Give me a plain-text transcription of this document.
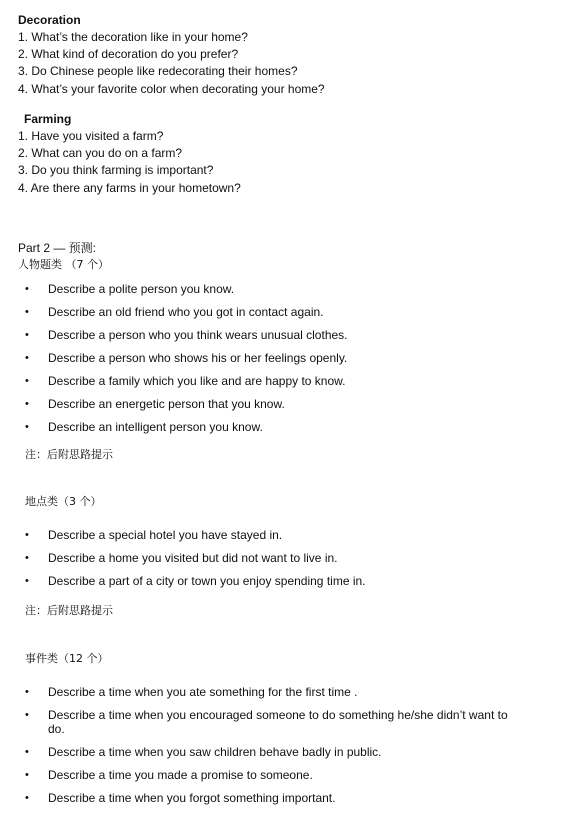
Decoration
1. What’s the decoration like in your home?
2. What kind of decoration do you prefer?
3. Do Chinese people like redecorating their homes?
4. What’s your favorite color when decorating your home?
Farming
1. Have you visited a farm?
2. What can you do on a farm?
3. Do you think farming is important?
4. Are there any farms in your hometown?
Part 2 — 预测:
人物题类 （7 个）
• Describe a polite person you know.
• Describe an old friend who you got in contact again.
• Describe a person who you think wears unusual clothes.
• Describe a person who shows his or her feelings openly.
• Describe a family which you like and are happy to know.
• Describe an energetic person that you know.
• Describe an intelligent person you know.
注：后附思路提示
地点类（3 个）
• Describe a special hotel you have stayed in.
• Describe a home you visited but did not want to live in.
• Describe a part of a city or town you enjoy spending time in.
注：后附思路提示
事件类（12 个）
• Describe a time when you ate something for the first time .
• Describe a time when you encouraged someone to do something he/she didn’t want to do.
• Describe a time when you saw children behave badly in public.
• Describe a time you made a promise to someone.
• Describe a time when you forgot something important.
